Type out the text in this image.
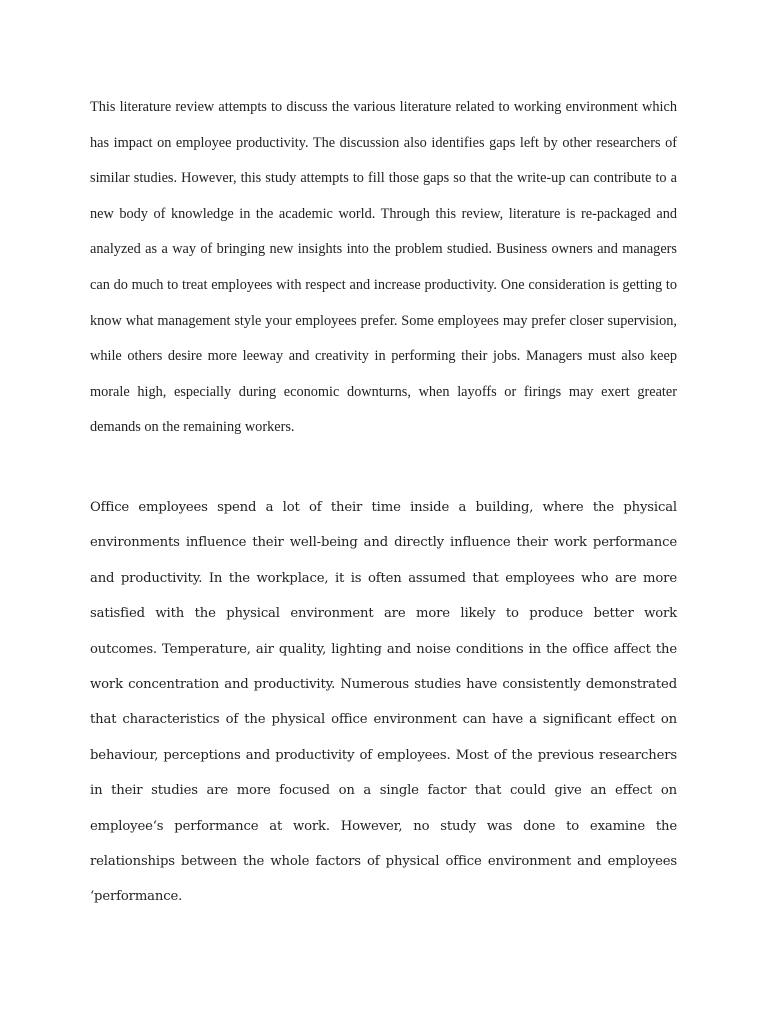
This literature review attempts to discuss the various literature related to working environment which has impact on employee productivity. The discussion also identifies gaps left by other researchers of similar studies. However, this study attempts to fill those gaps so that the write-up can contribute to a new body of knowledge in the academic world. Through this review, literature is re-packaged and analyzed as a way of bringing new insights into the problem studied. Business owners and managers can do much to treat employees with respect and increase productivity. One consideration is getting to know what management style your employees prefer. Some employees may prefer closer supervision, while others desire more leeway and creativity in performing their jobs. Managers must also keep morale high, especially during economic downturns, when layoffs or firings may exert greater demands on the remaining workers.

Office employees spend a lot of their time inside a building, where the physical environments influence their well-being and directly influence their work performance and productivity. In the workplace, it is often assumed that employees who are more satisfied with the physical environment are more likely to produce better work outcomes. Temperature, air quality, lighting and noise conditions in the office affect the work concentration and productivity. Numerous studies have consistently demonstrated that characteristics of the physical office environment can have a significant effect on behaviour, perceptions and productivity of employees. Most of the previous researchers in their studies are more focused on a single factor that could give an effect on employee‘s performance at work. However, no study was done to examine the relationships between the whole factors of physical office environment and employees ‘performance.
